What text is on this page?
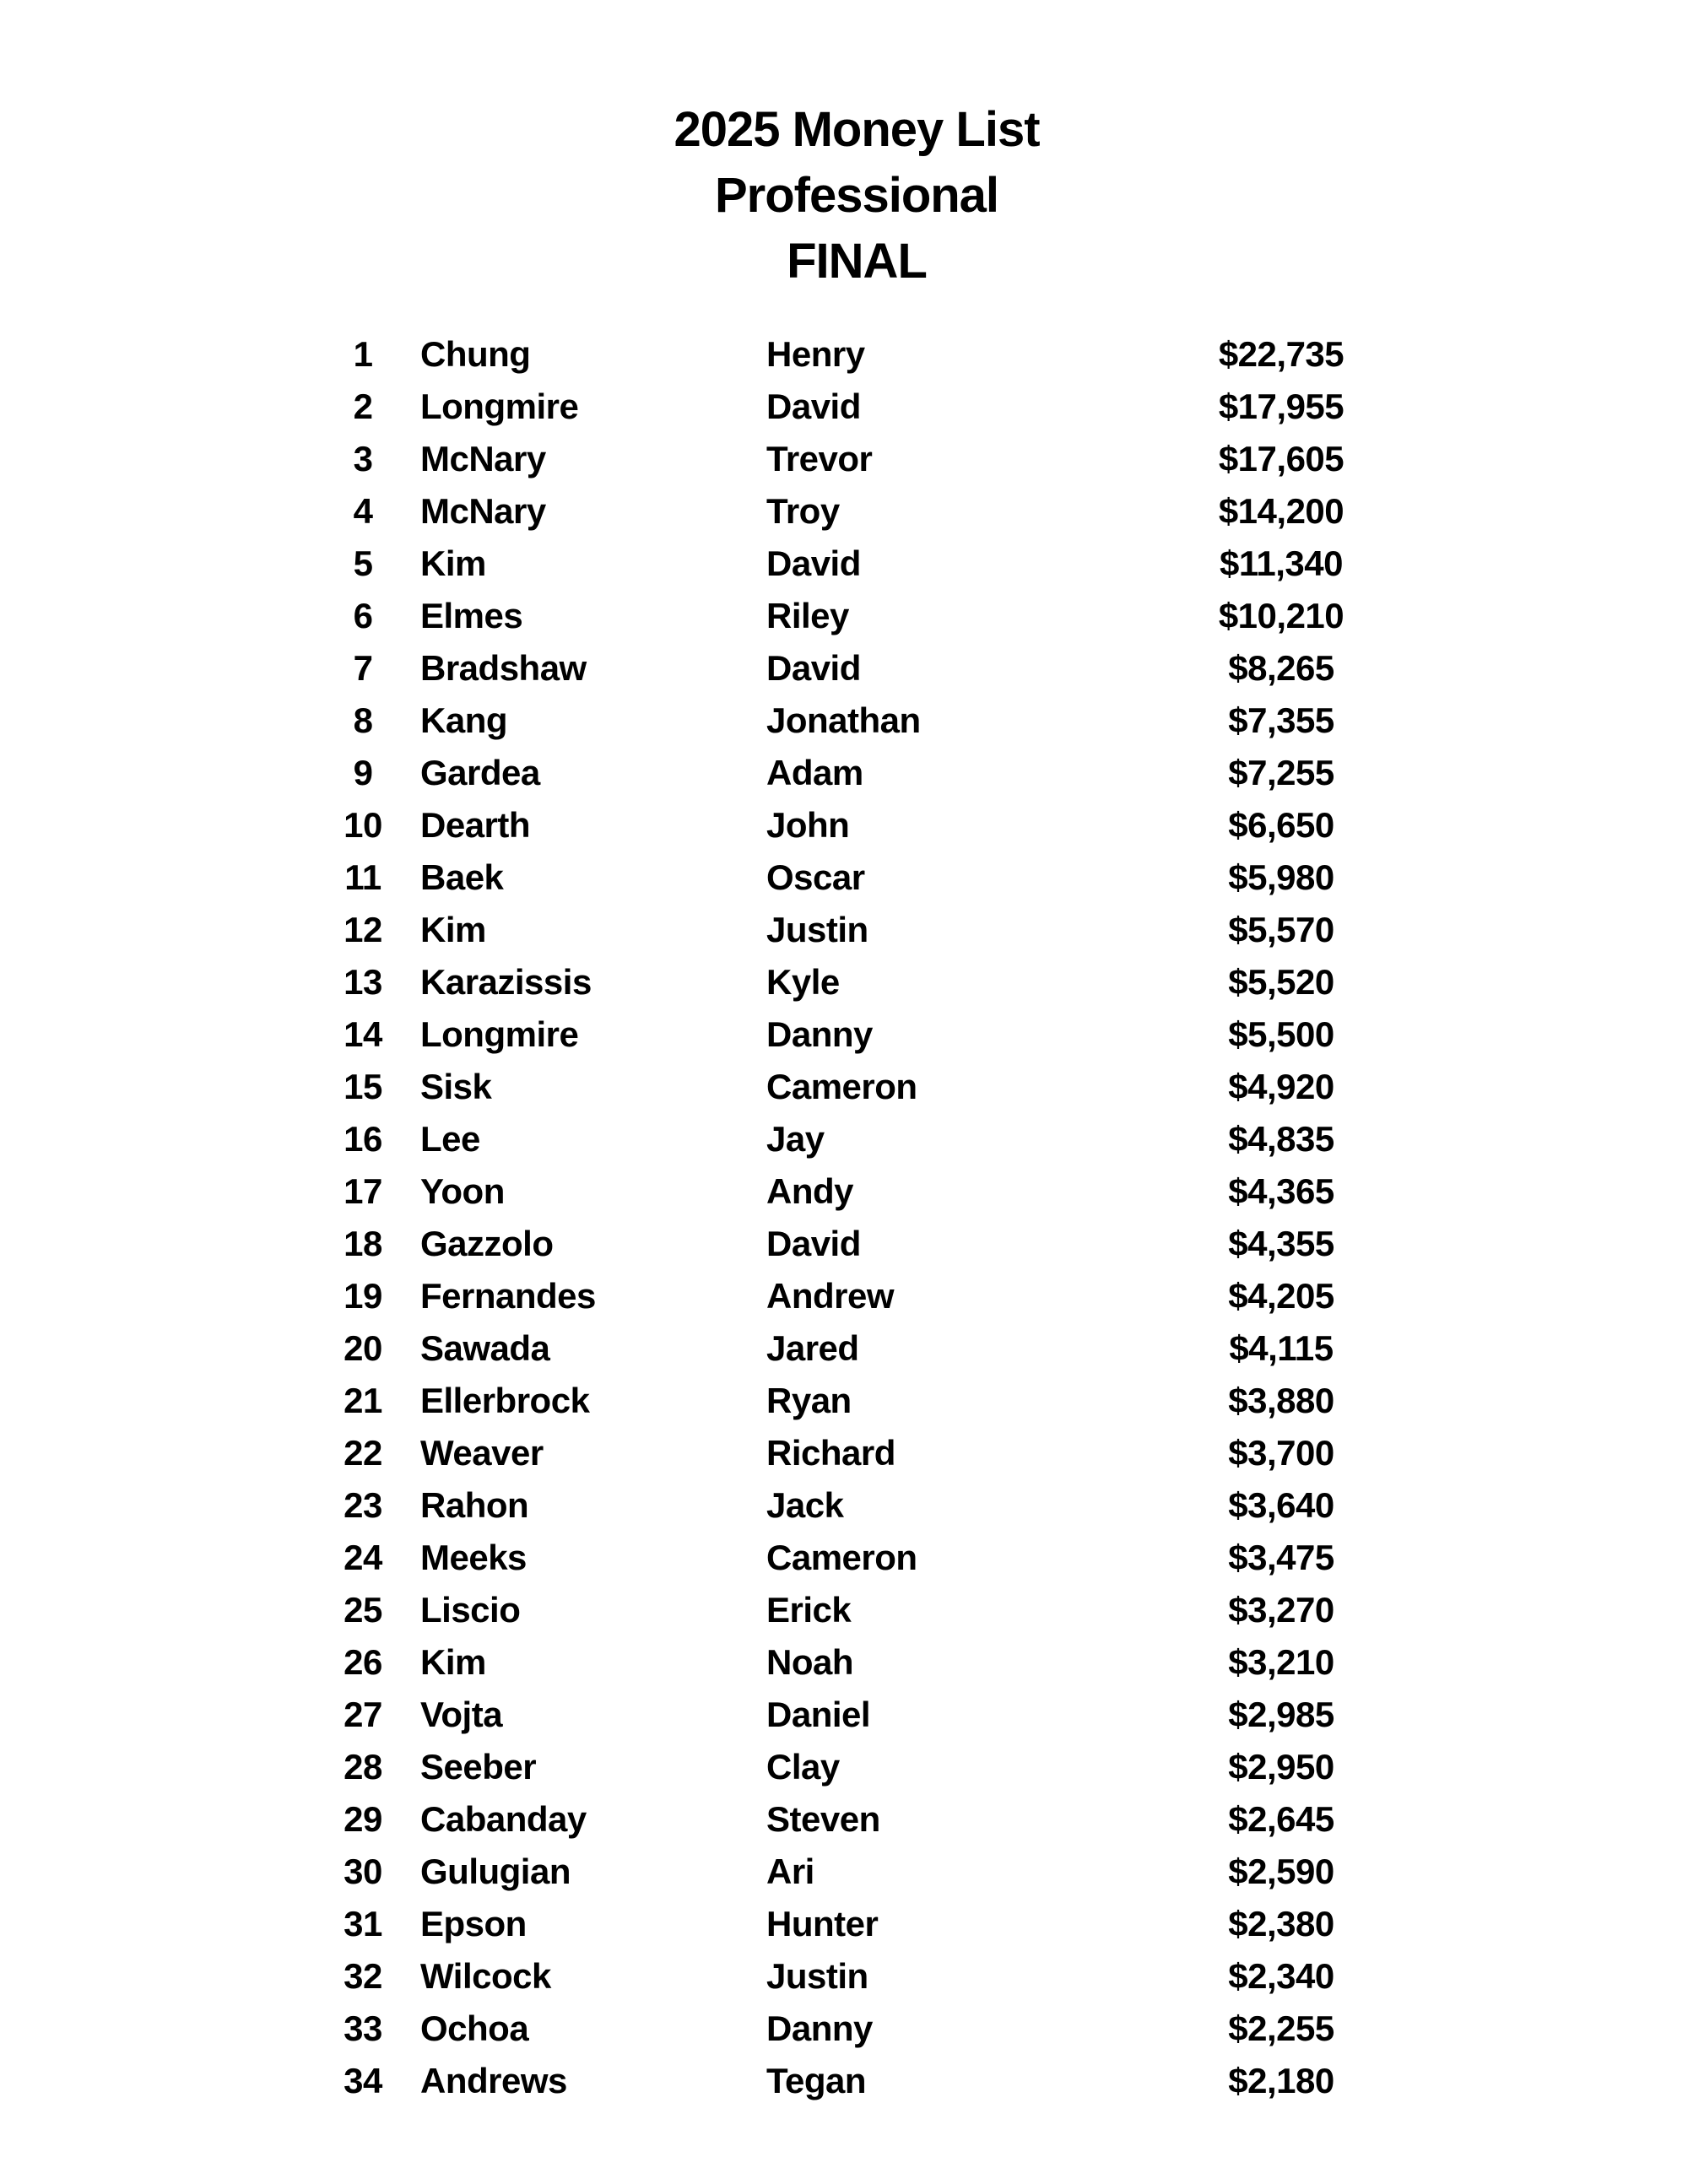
2025 Money List
Professional
FINAL
1	Chung	Henry	$22,735
2	Longmire	David	$17,955
3	McNary	Trevor	$17,605
4	McNary	Troy	$14,200
5	Kim	David	$11,340
6	Elmes	Riley	$10,210
7	Bradshaw	David	$8,265
8	Kang	Jonathan	$7,355
9	Gardea	Adam	$7,255
10	Dearth	John	$6,650
11	Baek	Oscar	$5,980
12	Kim	Justin	$5,570
13	Karazissis	Kyle	$5,520
14	Longmire	Danny	$5,500
15	Sisk	Cameron	$4,920
16	Lee	Jay	$4,835
17	Yoon	Andy	$4,365
18	Gazzolo	David	$4,355
19	Fernandes	Andrew	$4,205
20	Sawada	Jared	$4,115
21	Ellerbrock	Ryan	$3,880
22	Weaver	Richard	$3,700
23	Rahon	Jack	$3,640
24	Meeks	Cameron	$3,475
25	Liscio	Erick	$3,270
26	Kim	Noah	$3,210
27	Vojta	Daniel	$2,985
28	Seeber	Clay	$2,950
29	Cabanday	Steven	$2,645
30	Gulugian	Ari	$2,590
31	Epson	Hunter	$2,380
32	Wilcock	Justin	$2,340
33	Ochoa	Danny	$2,255
34	Andrews	Tegan	$2,180
